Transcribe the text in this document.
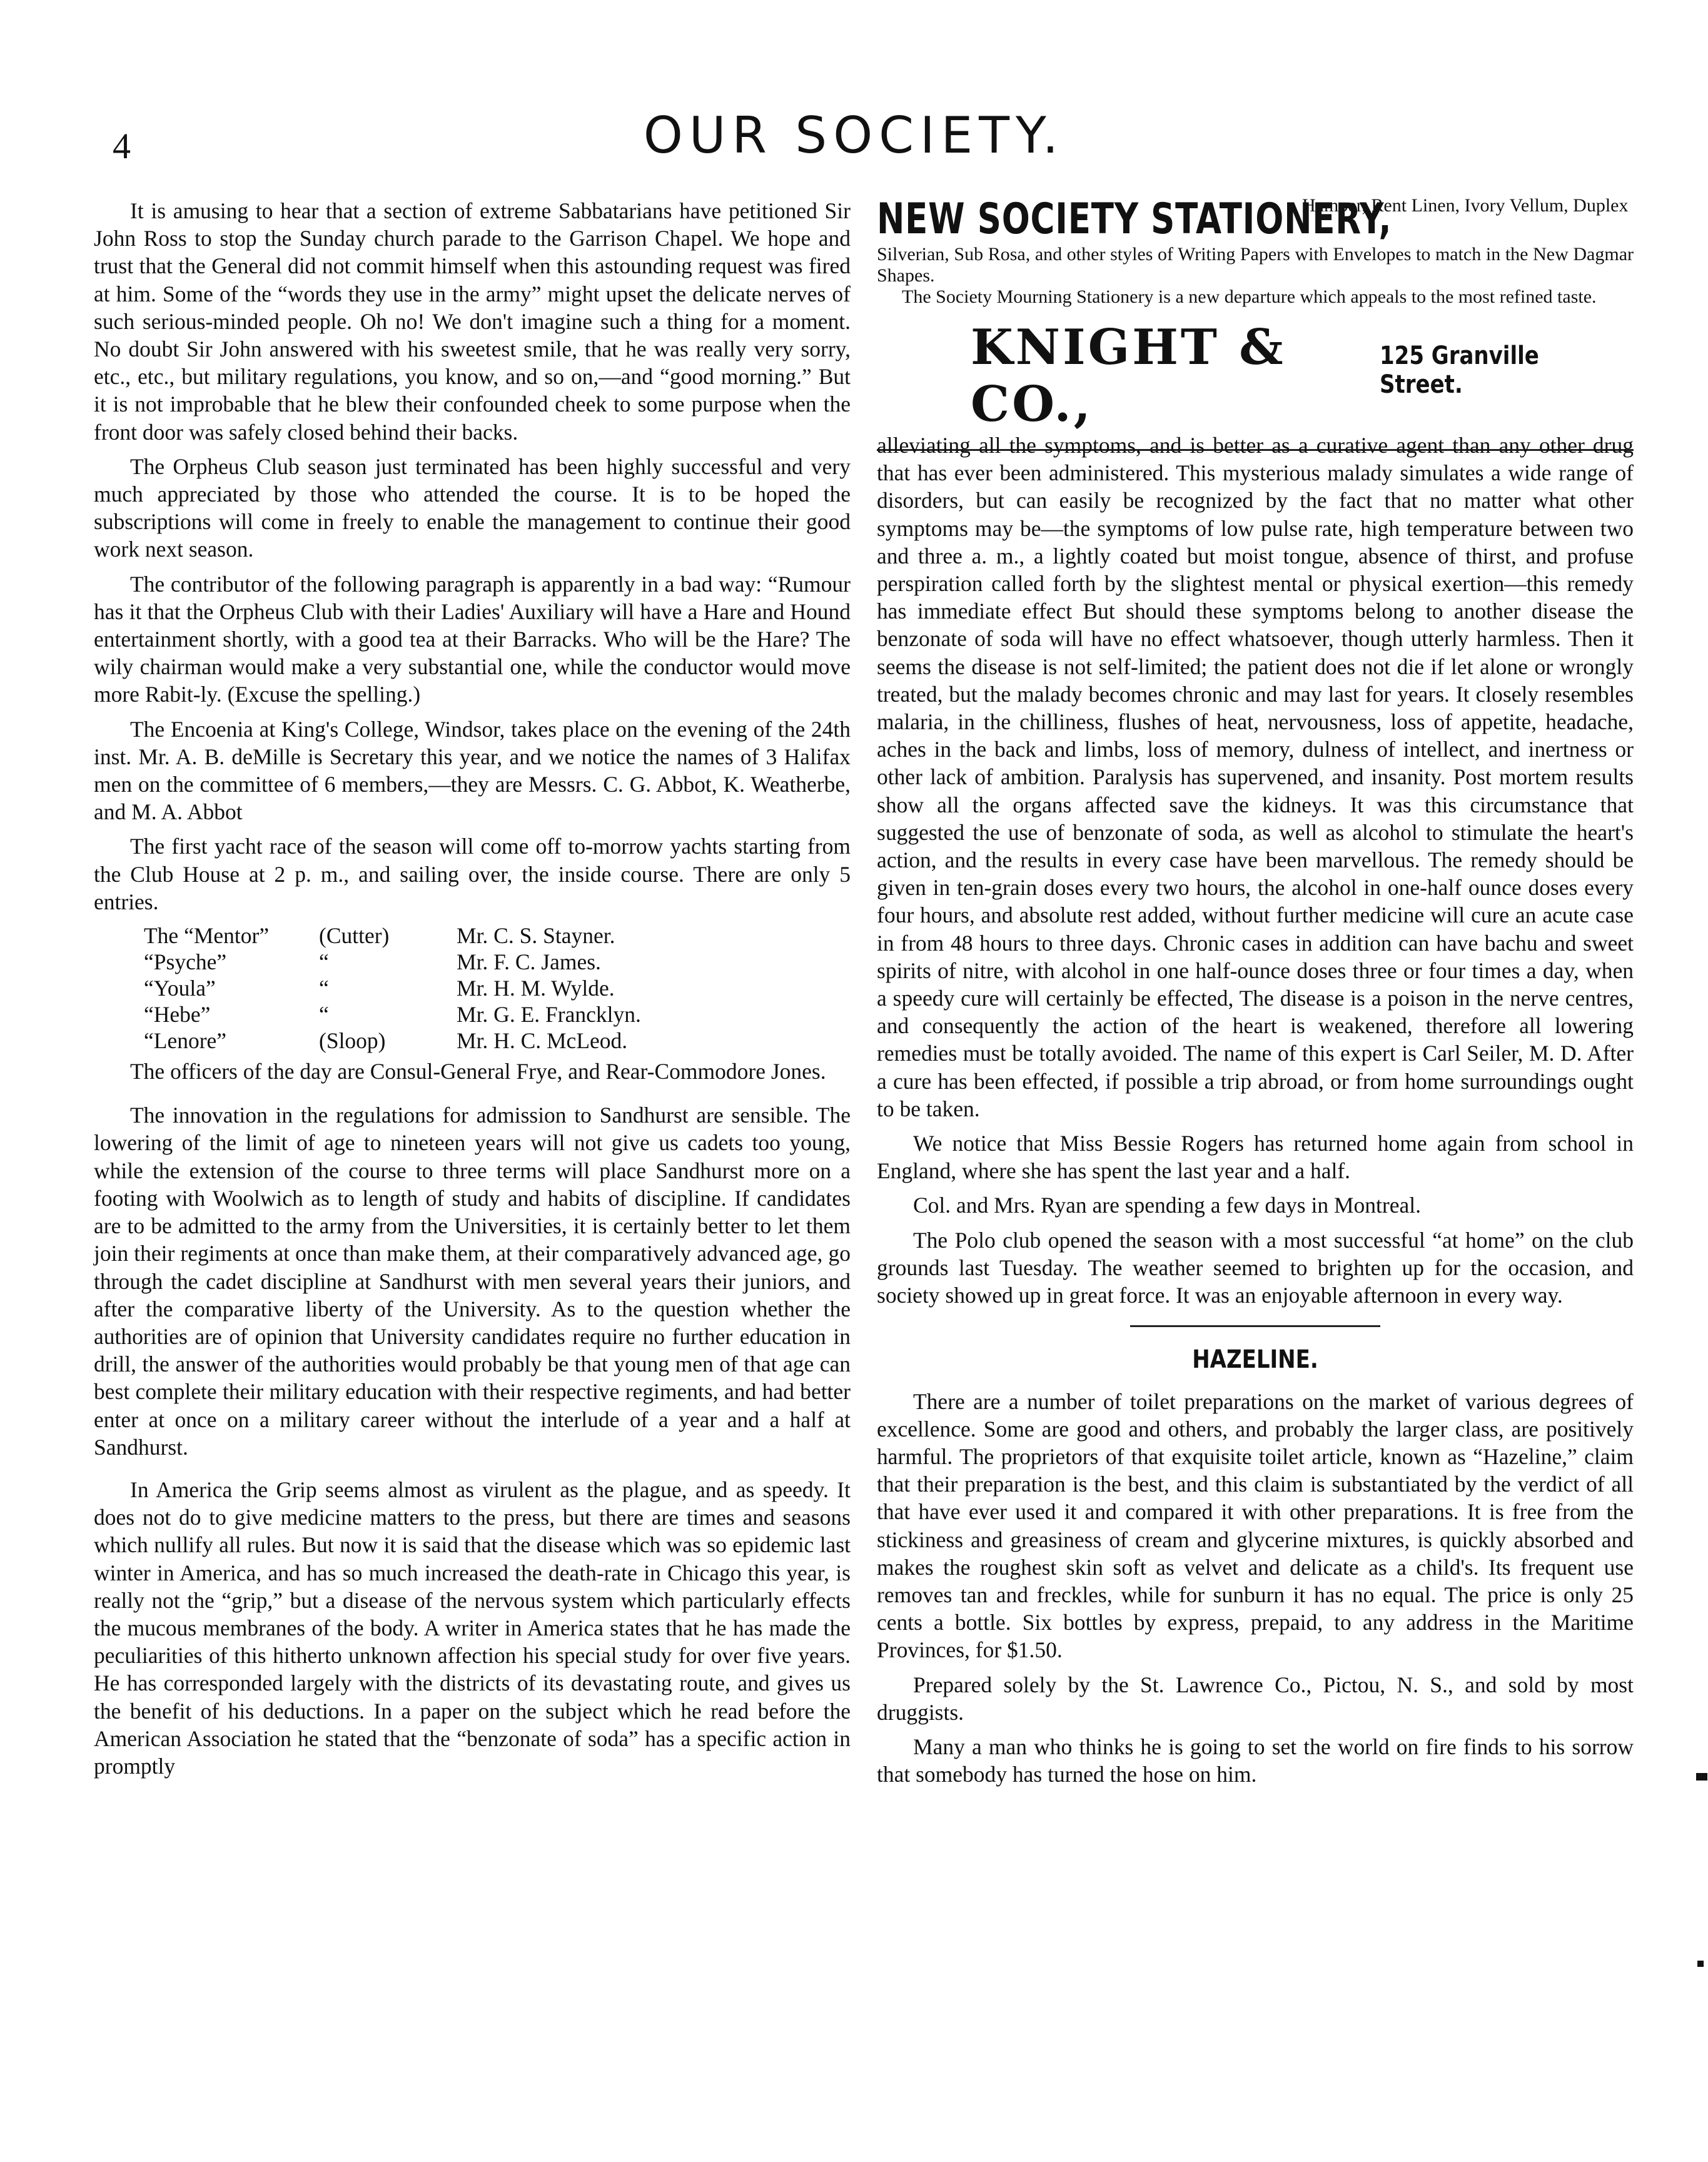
4	OUR SOCIETY.

It is amusing to hear that a section of extreme Sabbatarians have petitioned Sir John Ross to stop the Sunday church parade to the Garrison Chapel. We hope and trust that the General did not commit himself when this astounding request was fired at him. Some of the “words they use in the army” might upset the delicate nerves of such serious-minded people. Oh no! We don't imagine such a thing for a moment. No doubt Sir John answered with his sweetest smile, that he was really very sorry, etc., etc., but military regulations, you know, and so on,—and “good morning.” But it is not improbable that he blew their confounded cheek to some purpose when the front door was safely closed behind their backs.

The Orpheus Club season just terminated has been highly successful and very much appreciated by those who attended the course. It is to be hoped the subscriptions will come in freely to enable the management to continue their good work next season.

The contributor of the following paragraph is apparently in a bad way: “Rumour has it that the Orpheus Club with their Ladies' Auxiliary will have a Hare and Hound entertainment shortly, with a good tea at their Barracks. Who will be the Hare? The wily chairman would make a very substantial one, while the conductor would move more Rabit-ly. (Excuse the spelling.)

The Encoenia at King's College, Windsor, takes place on the evening of the 24th inst. Mr. A. B. deMille is Secretary this year, and we notice the names of 3 Halifax men on the committee of 6 members,—they are Messrs. C. G. Abbot, K. Weatherbe, and M. A. Abbot

The first yacht race of the season will come off to-morrow yachts starting from the Club House at 2 p. m., and sailing over, the inside course. There are only 5 entries.

The “Mentor”	(Cutter)	Mr. C. S. Stayner.
“Psyche”	“	Mr. F. C. James.
“Youla”	“	Mr. H. M. Wylde.
“Hebe”	“	Mr. G. E. Francklyn.
“Lenore”	(Sloop)	Mr. H. C. McLeod.

The officers of the day are Consul-General Frye, and Rear-Commodore Jones.

The innovation in the regulations for admission to Sandhurst are sensible. The lowering of the limit of age to nineteen years will not give us cadets too young, while the extension of the course to three terms will place Sandhurst more on a footing with Woolwich as to length of study and habits of discipline. If candidates are to be admitted to the army from the Universities, it is certainly better to let them join their regiments at once than make them, at their comparatively advanced age, go through the cadet discipline at Sandhurst with men several years their juniors, and after the comparative liberty of the University. As to the question whether the authorities are of opinion that University candidates require no further education in drill, the answer of the authorities would probably be that young men of that age can best complete their military education with their respective regiments, and had better enter at once on a military career without the interlude of a year and a half at Sandhurst.

In America the Grip seems almost as virulent as the plague, and as speedy. It does not do to give medicine matters to the press, but there are times and seasons which nullify all rules. But now it is said that the disease which was so epidemic last winter in America, and has so much increased the death-rate in Chicago this year, is really not the “grip,” but a disease of the nervous system which particularly effects the mucous membranes of the body. A writer in America states that he has made the peculiarities of this hitherto unknown affection his special study for over five years. He has corresponded largely with the districts of its devastating route, and gives us the benefit of his deductions. In a paper on the subject which he read before the American Association he stated that the “benzonate of soda” has a specific action in promptly

NEW SOCIETY STATIONERY,
Hamper, Rent Linen, Ivory Vellum, Duplex
Silverian, Sub Rosa, and other styles of Writing Papers with Envelopes to match in the New Dagmar Shapes.
The Society Mourning Stationery is a new departure which appeals to the most refined taste.
KNIGHT & CO.,
125 Granville Street.

alleviating all the symptoms, and is better as a curative agent than any other drug that has ever been administered. This mysterious malady simulates a wide range of disorders, but can easily be recognized by the fact that no matter what other symptoms may be—the symptoms of low pulse rate, high temperature between two and three a. m., a lightly coated but moist tongue, absence of thirst, and profuse perspiration called forth by the slightest mental or physical exertion—this remedy has immediate effect But should these symptoms belong to another disease the benzonate of soda will have no effect whatsoever, though utterly harmless. Then it seems the disease is not self-limited; the patient does not die if let alone or wrongly treated, but the malady becomes chronic and may last for years. It closely resembles malaria, in the chilliness, flushes of heat, nervousness, loss of appetite, headache, aches in the back and limbs, loss of memory, dulness of intellect, and inertness or other lack of ambition. Paralysis has supervened, and insanity. Post mortem results show all the organs affected save the kidneys. It was this circumstance that suggested the use of benzonate of soda, as well as alcohol to stimulate the heart's action, and the results in every case have been marvellous. The remedy should be given in ten-grain doses every two hours, the alcohol in one-half ounce doses every four hours, and absolute rest added, without further medicine will cure an acute case in from 48 hours to three days. Chronic cases in addition can have bachu and sweet spirits of nitre, with alcohol in one half-ounce doses three or four times a day, when a speedy cure will certainly be effected, The disease is a poison in the nerve centres, and consequently the action of the heart is weakened, therefore all lowering remedies must be totally avoided. The name of this expert is Carl Seiler, M. D. After a cure has been effected, if possible a trip abroad, or from home surroundings ought to be taken.

We notice that Miss Bessie Rogers has returned home again from school in England, where she has spent the last year and a half.

Col. and Mrs. Ryan are spending a few days in Montreal.

The Polo club opened the season with a most successful “at home” on the club grounds last Tuesday. The weather seemed to brighten up for the occasion, and society showed up in great force. It was an enjoyable afternoon in every way.

HAZELINE.

There are a number of toilet preparations on the market of various degrees of excellence. Some are good and others, and probably the larger class, are positively harmful. The proprietors of that exquisite toilet article, known as “Hazeline,” claim that their preparation is the best, and this claim is substantiated by the verdict of all that have ever used it and compared it with other preparations. It is free from the stickiness and greasiness of cream and glycerine mixtures, is quickly absorbed and makes the roughest skin soft as velvet and delicate as a child's. Its frequent use removes tan and freckles, while for sunburn it has no equal. The price is only 25 cents a bottle. Six bottles by express, prepaid, to any address in the Maritime Provinces, for $1.50.

Prepared solely by the St. Lawrence Co., Pictou, N. S., and sold by most druggists.

Many a man who thinks he is going to set the world on fire finds to his sorrow that somebody has turned the hose on him.
